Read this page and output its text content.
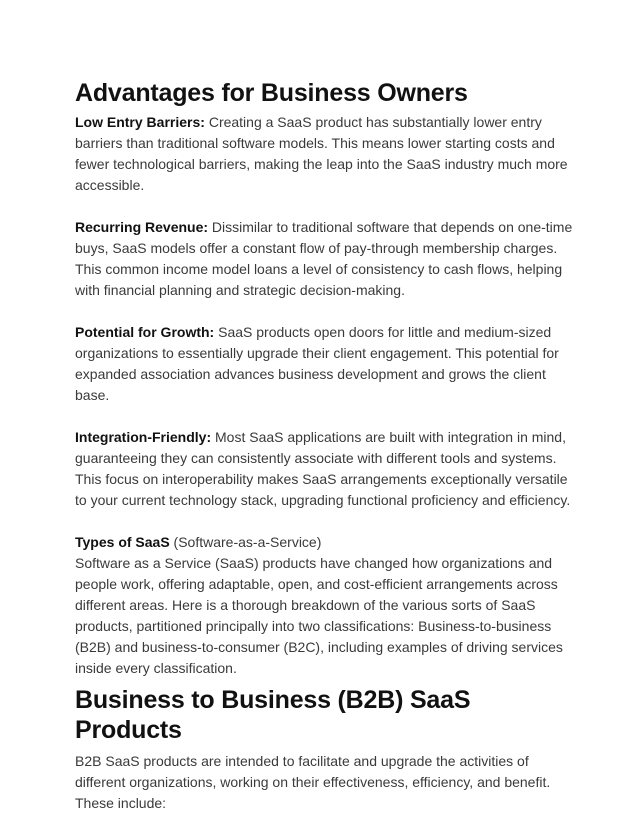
Advantages for Business Owners

Low Entry Barriers: Creating a SaaS product has substantially lower entry barriers than traditional software models. This means lower starting costs and fewer technological barriers, making the leap into the SaaS industry much more accessible.

Recurring Revenue: Dissimilar to traditional software that depends on one-time buys, SaaS models offer a constant flow of pay-through membership charges. This common income model loans a level of consistency to cash flows, helping with financial planning and strategic decision-making.

Potential for Growth: SaaS products open doors for little and medium-sized organizations to essentially upgrade their client engagement. This potential for expanded association advances business development and grows the client base.

Integration-Friendly: Most SaaS applications are built with integration in mind, guaranteeing they can consistently associate with different tools and systems. This focus on interoperability makes SaaS arrangements exceptionally versatile to your current technology stack, upgrading functional proficiency and efficiency.

Types of SaaS (Software-as-a-Service)

Software as a Service (SaaS) products have changed how organizations and people work, offering adaptable, open, and cost-efficient arrangements across different areas. Here is a thorough breakdown of the various sorts of SaaS products, partitioned principally into two classifications: Business-to-business (B2B) and business-to-consumer (B2C), including examples of driving services inside every classification.

Business to Business (B2B) SaaS Products

B2B SaaS products are intended to facilitate and upgrade the activities of different organizations, working on their effectiveness, efficiency, and benefit. These include:
